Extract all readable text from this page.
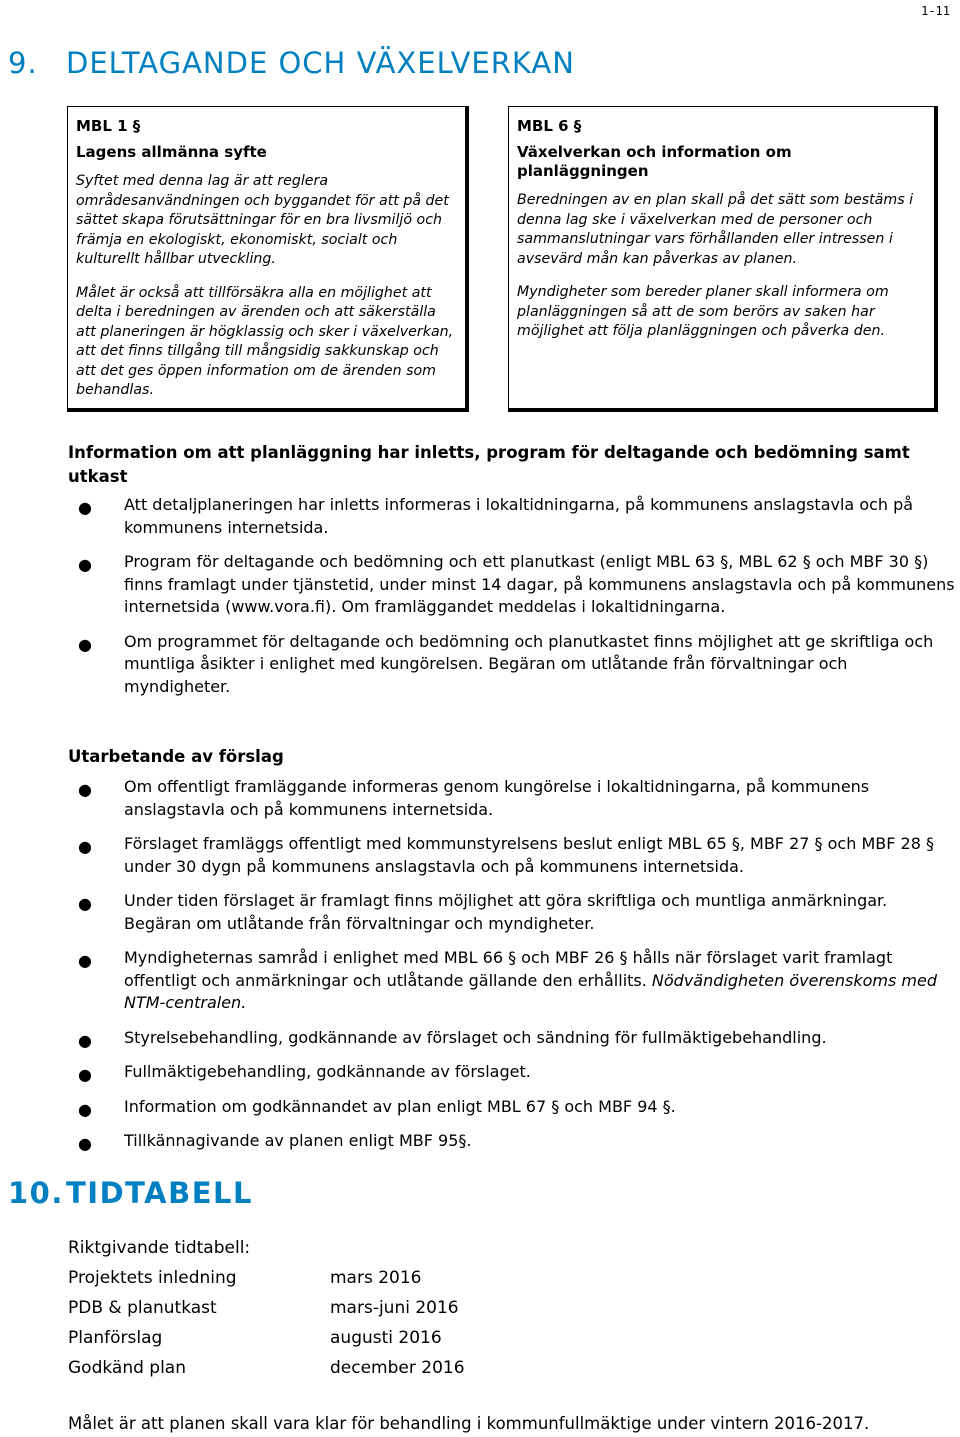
1-11
9. DELTAGANDE OCH VÄXELVERKAN
MBL 1 §
Lagens allmänna syfte

Syftet med denna lag är att reglera områdesanvändningen och byggandet för att på det sättet skapa förutsättningar för en bra livsmiljö och främja en ekologiskt, ekonomiskt, socialt och kulturellt hållbar utveckling.

Målet är också att tillförsäkra alla en möjlighet att delta i beredningen av ärenden och att säkerställa att planeringen är högklassig och sker i växelverkan, att det finns tillgång till mångsidig sakkunskap och att det ges öppen information om de ärenden som behandlas.

MBL 6 §
Växelverkan och information om planläggningen

Beredningen av en plan skall på det sätt som bestäms i denna lag ske i växelverkan med de personer och sammanslutningar vars förhållanden eller intressen i avsevärd mån kan påverkas av planen.

Myndigheter som bereder planer skall informera om planläggningen så att de som berörs av saken har möjlighet att följa planläggningen och påverka den.

Information om att planläggning har inletts, program för deltagande och bedömning samt utkast
● Att detaljplaneringen har inletts informeras i lokaltidningarna, på kommunens anslagstavla och på kommunens internetsida.
● Program för deltagande och bedömning och ett planutkast (enligt MBL 63 §, MBL 62 § och MBF 30 §) finns framlagt under tjänstetid, under minst 14 dagar, på kommunens anslagstavla och på kommunens internetsida (www.vora.fi). Om framläggandet meddelas i lokaltidningarna.
● Om programmet för deltagande och bedömning och planutkastet finns möjlighet att ge skriftliga och muntliga åsikter i enlighet med kungörelsen. Begäran om utlåtande från förvaltningar och myndigheter.
Utarbetande av förslag
● Om offentligt framläggande informeras genom kungörelse i lokaltidningarna, på kommunens anslagstavla och på kommunens internetsida.
● Förslaget framläggs offentligt med kommunstyrelsens beslut enligt MBL 65 §, MBF 27 § och MBF 28 § under 30 dygn på kommunens anslagstavla och på kommunens internetsida.
● Under tiden förslaget är framlagt finns möjlighet att göra skriftliga och muntliga anmärkningar. Begäran om utlåtande från förvaltningar och myndigheter.
● Myndigheternas samråd i enlighet med MBL 66 § och MBF 26 § hålls när förslaget varit framlagt offentligt och anmärkningar och utlåtande gällande den erhållits. Nödvändigheten överenskoms med NTM-centralen.
● Styrelsebehandling, godkännande av förslaget och sändning för fullmäktigebehandling.
● Fullmäktigebehandling, godkännande av förslaget.
● Information om godkännandet av plan enligt MBL 67 § och MBF 94 §.
● Tillkännagivande av planen enligt MBF 95§.
10.TIDTABELL
Riktgivande tidtabell:
Projektets inledning	mars 2016
PDB & planutkast	mars-juni 2016
Planförslag	augusti 2016
Godkänd plan	december 2016
Målet är att planen skall vara klar för behandling i kommunfullmäktige under vintern 2016-2017.
